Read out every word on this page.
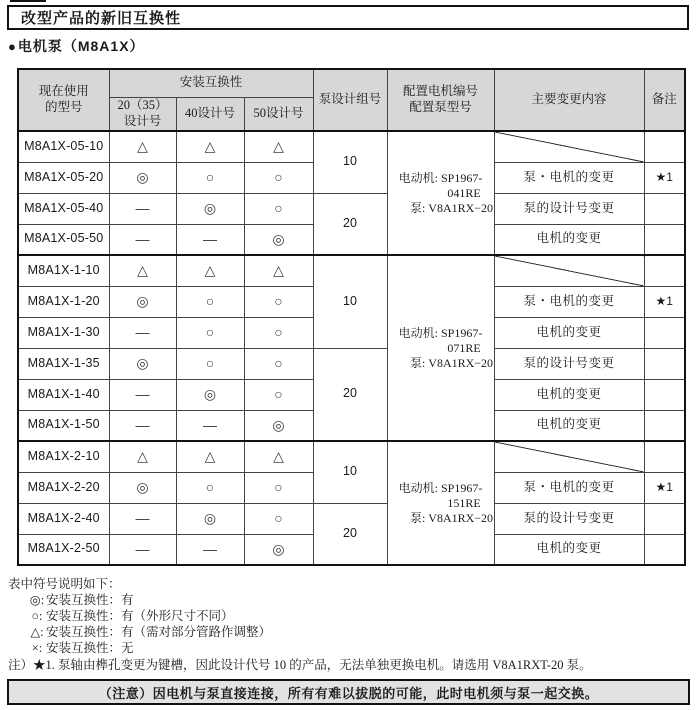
改型产品的新旧互换性
●电机泵（M8A1X）
现在使用
的型号
	安装互换性	泵设计组号	
配置电机编号
配置泵型号
	主要变更内容	备注

	20（35）
设计号	40设计号	50设计号				
M8A1X-05-10	△	△	△	10	电动机: SP1967-
041RE
泵: V8A1RX−20		

M8A1X-05-20	◎	○	○			泵・电机的变更	★1
M8A1X-05-40	—	◎	○	20		泵的设计号变更	
M8A1X-05-50	—	—	◎			电机的变更	
M8A1X-1-10	△	△	△	10	电动机: SP1967-
071RE
泵: V8A1RX−20		

M8A1X-1-20	◎	○	○			泵・电机的变更	★1
M8A1X-1-30	—	○	○			电机的变更	
M8A1X-1-35	◎	○	○	20		泵的设计号变更	
M8A1X-1-40	—	◎	○			电机的变更	
M8A1X-1-50	—	—	◎			电机的变更	
M8A1X-2-10	△	△	△	10	电动机: SP1967-
151RE
泵: V8A1RX−20		

M8A1X-2-20	◎	○	○			泵・电机的变更	★1
M8A1X-2-40	—	◎	○	20		泵的设计号变更	
M8A1X-2-50	—	—	◎			电机的变更	
表中符号说明如下：
◎: 安装互换性：有
○: 安装互换性：有（外形尺寸不同）
△: 安装互换性：有（需对部分管路作调整）
×: 安装互换性：无
注）★1. 泵轴由榫孔变更为键槽，因此设计代号 10 的产品，无法单独更换电机。请选用 V8A1RXT-20 泵。
（注意）因电机与泵直接连接，所有有难以拔脱的可能，此时电机须与泵一起交换。
